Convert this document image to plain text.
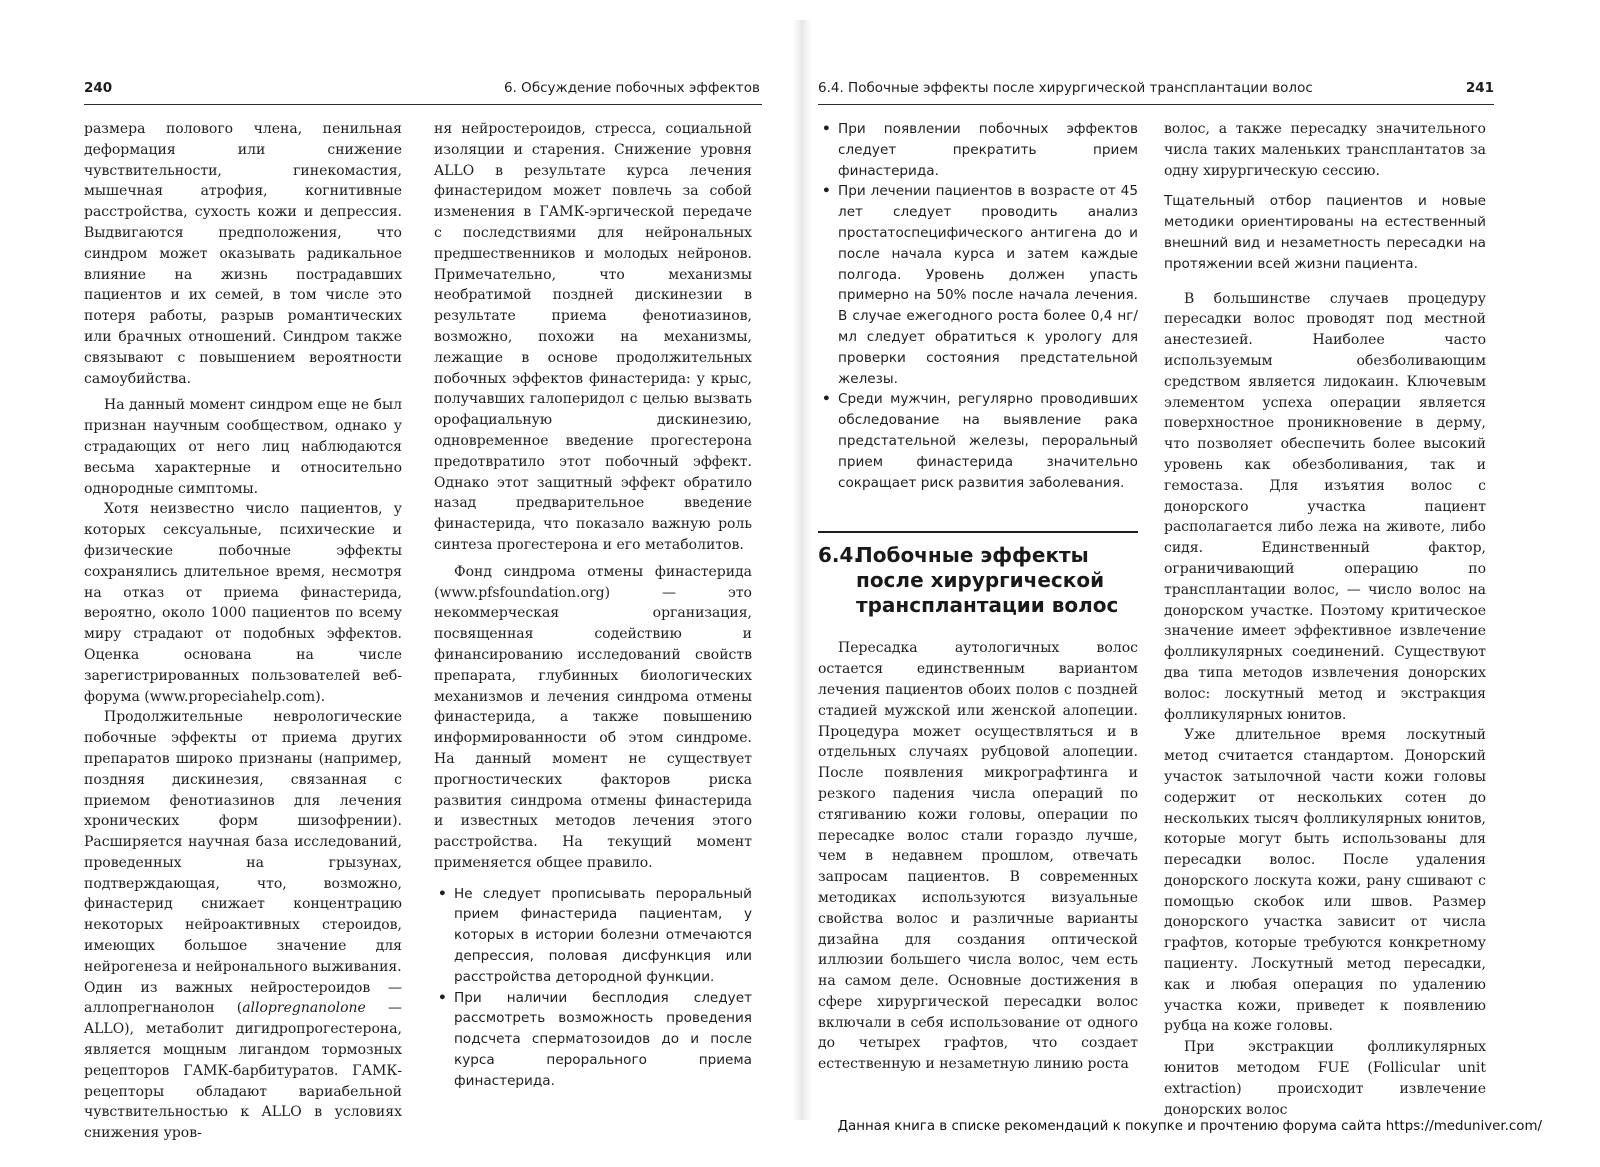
240	6. Обсуждение побочных эффектов

размера полового члена, пенильная деформация или снижение чувствительности, гинекомастия, мышечная атрофия, когнитивные расстройства, сухость кожи и депрессия. Выдвигаются предположения, что синдром может оказывать радикальное влияние на жизнь пострадавших пациентов и их семей, в том числе это потеря работы, разрыв романтических или брачных отношений. Синдром также связывают с повышением вероятности самоубийства.

На данный момент синдром еще не был признан научным сообществом, однако у страдающих от него лиц наблюдаются весьма характерные и относительно однородные симптомы.

Хотя неизвестно число пациентов, у которых сексуальные, психические и физические побочные эффекты сохранялись длительное время, несмотря на отказ от приема финастерида, вероятно, около 1000 пациентов по всему миру страдают от подобных эффектов. Оценка основана на числе зарегистрированных пользователей веб-форума (www.propeciahelp.com).

Продолжительные неврологические побочные эффекты от приема других препаратов широко признаны (например, поздняя дискинезия, связанная с приемом фенотиазинов для лечения хронических форм шизофрении). Расширяется научная база исследований, проведенных на грызунах, подтверждающая, что, возможно, финастерид снижает концентрацию некоторых нейроактивных стероидов, имеющих большое значение для нейрогенеза и нейронального выживания.

Один из важных нейростероидов — аллопрегнанолон (allopregnanolone — ALLO), метаболит дигидропрогестерона, является мощным лигандом тормозных рецепторов ГАМК-барбитуратов. ГАМК-рецепторы обладают вариабельной чувствительностью к ALLO в условиях снижения уров-

ня нейростероидов, стресса, социальной изоляции и старения. Снижение уровня ALLO в результате курса лечения финастеридом может повлечь за собой изменения в ГАМК-эргической передаче с последствиями для нейрональных предшественников и молодых нейронов. Примечательно, что механизмы необратимой поздней дискинезии в результате приема фенотиазинов, возможно, похожи на механизмы, лежащие в основе продолжительных побочных эффектов финастерида: у крыс, получавших галоперидол с целью вызвать орофациальную дискинезию, одновременное введение прогестерона предотвратило этот побочный эффект. Однако этот защитный эффект обратило назад предварительное введение финастерида, что показало важную роль синтеза прогестерона и его метаболитов.

Фонд синдрома отмены финастерида (www.pfsfoundation.org) — это некоммерческая организация, посвященная содействию и финансированию исследований свойств препарата, глубинных биологических механизмов и лечения синдрома отмены финастерида, а также повышению информированности об этом синдроме. На данный момент не существует прогностических факторов риска развития синдрома отмены финастерида и известных методов лечения этого расстройства. На текущий момент применяется общее правило.

• Не следует прописывать пероральный прием финастерида пациентам, у которых в истории болезни отмечаются депрессия, половая дисфункция или расстройства детородной функции.
• При наличии бесплодия следует рассмотреть возможность проведения подсчета сперматозоидов до и после курса перорального приема финастерида.
6.4. Побочные эффекты после хирургической трансплантации волос	241
• При появлении побочных эффектов следует прекратить прием финастерида.
• При лечении пациентов в возрасте от 45 лет следует проводить анализ простатоспецифического антигена до и после начала курса и затем каждые полгода. Уровень должен упасть примерно на 50% после начала лечения. В случае ежегодного роста более 0,4 нг/мл следует обратиться к урологу для проверки состояния предстательной железы.
• Среди мужчин, регулярно проводивших обследование на выявление рака предстательной железы, пероральный прием финастерида значительно сокращает риск развития заболевания.
6.4.Побочные эффекты
после хирургической
трансплантации волос

Пересадка аутологичных волос остается единственным вариантом лечения пациентов обоих полов с поздней стадией мужской или женской алопеции. Процедура может осуществляться и в отдельных случаях рубцовой алопеции. После появления микрографтинга и резкого падения числа операций по стягиванию кожи головы, операции по пересадке волос стали гораздо лучше, чем в недавнем прошлом, отвечать запросам пациентов. В современных методиках используются визуальные свойства волос и различные варианты дизайна для создания оптической иллюзии большего числа волос, чем есть на самом деле. Основные достижения в сфере хирургической пересадки волос включали в себя использование от одного до четырех графтов, что создает естественную и незаметную линию роста

волос, а также пересадку значительного числа таких маленьких трансплантатов за одну хирургическую сессию.

Тщательный отбор пациентов и новые методики ориентированы на естественный внешний вид и незаметность пересадки на протяжении всей жизни пациента.

В большинстве случаев процедуру пересадки волос проводят под местной анестезией. Наиболее часто используемым обезболивающим средством является лидокаин. Ключевым элементом успеха операции является поверхностное проникновение в дерму, что позволяет обеспечить более высокий уровень как обезболивания, так и гемостаза. Для изъятия волос с донорского участка пациент располагается либо лежа на животе, либо сидя. Единственный фактор, ограничивающий операцию по трансплантации волос, — число волос на донорском участке. Поэтому критическое значение имеет эффективное извлечение фолликулярных соединений. Существуют два типа методов извлечения донорских волос: лоскутный метод и экстракция фолликулярных юнитов.

Уже длительное время лоскутный метод считается стандартом. Донорский участок затылочной части кожи головы содержит от нескольких сотен до нескольких тысяч фолликулярных юнитов, которые могут быть использованы для пересадки волос. После удаления донорского лоскута кожи, рану сшивают с помощью скобок или швов. Размер донорского участка зависит от числа графтов, которые требуются конкретному пациенту. Лоскутный метод пересадки, как и любая операция по удалению участка кожи, приведет к появлению рубца на коже головы.

При экстракции фолликулярных юнитов методом FUE (Follicular unit extraction) происходит извлечение донорских волос

Данная книга в списке рекомендаций к покупке и прочтению форума сайта https://meduniver.com/
